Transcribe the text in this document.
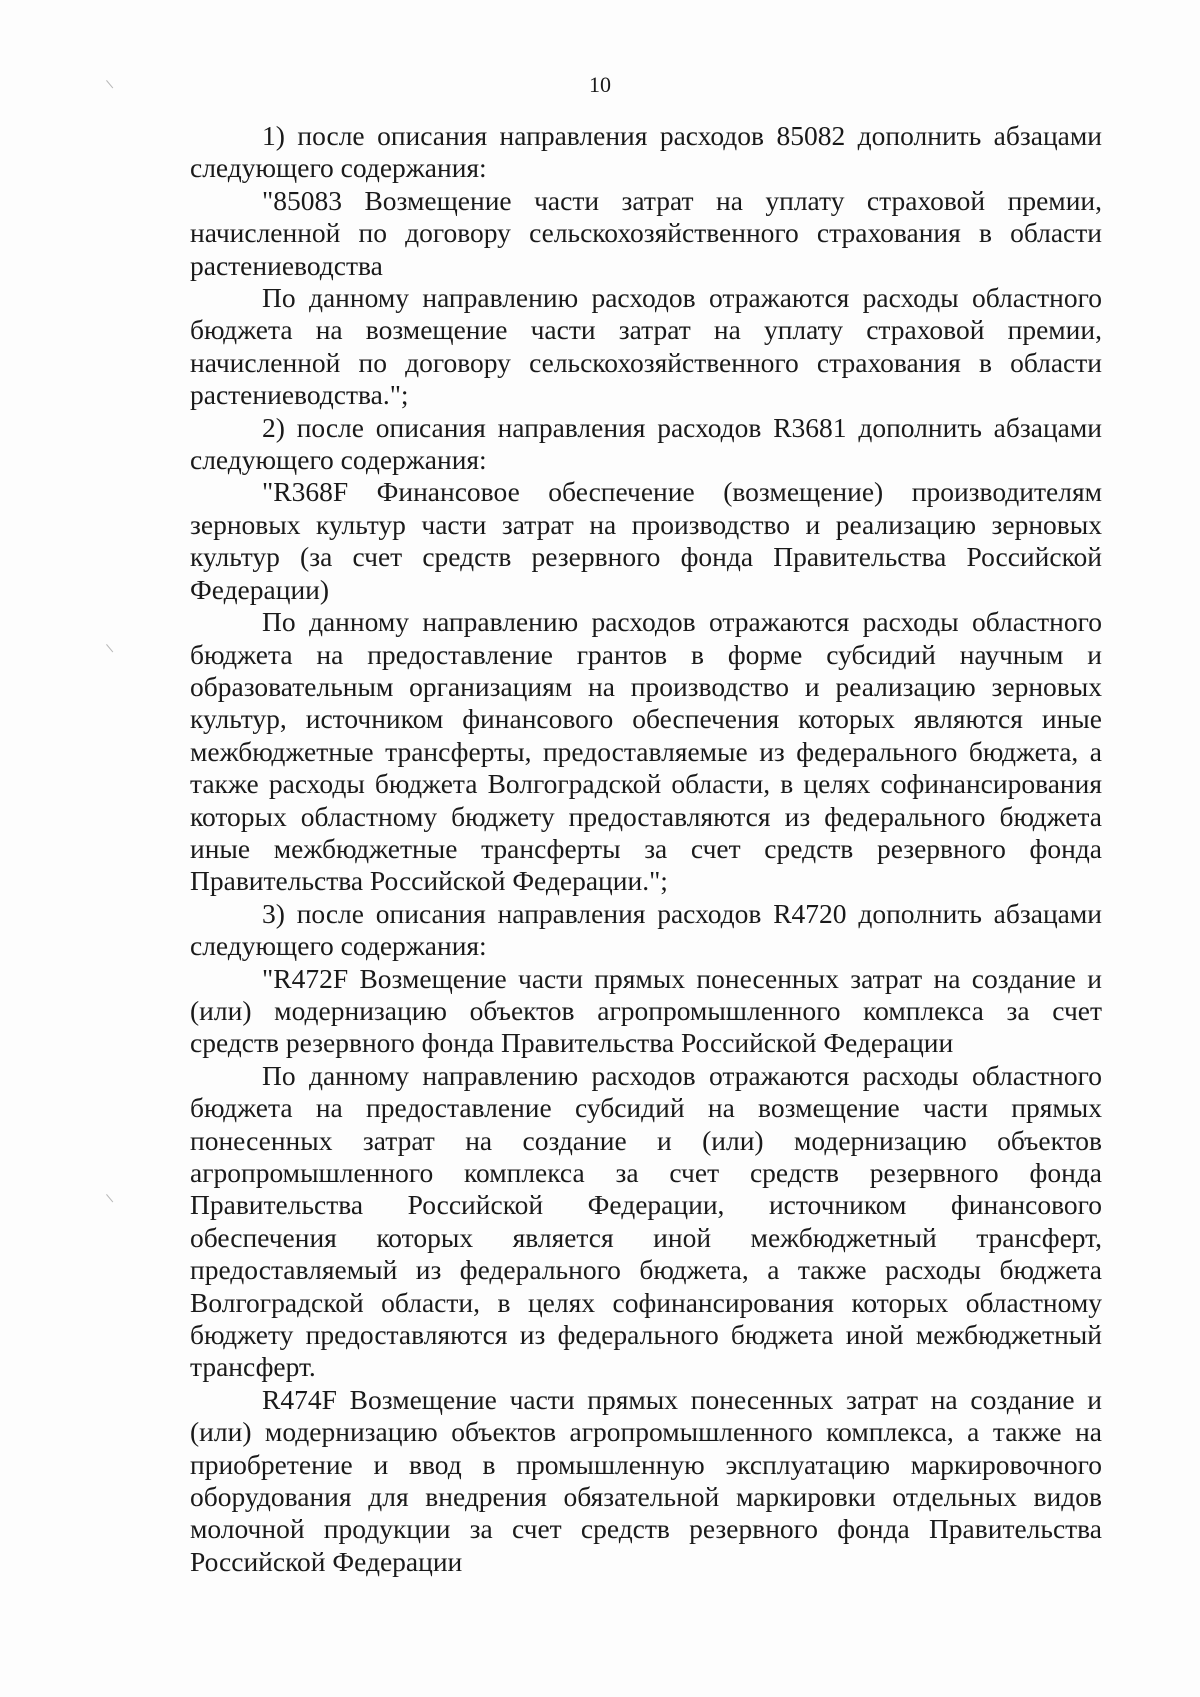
10

1) после описания направления расходов 85082 дополнить абзацами следующего содержания:

"85083 Возмещение части затрат на уплату страховой премии, начисленной по договору сельскохозяйственного страхования в области растениеводства

По данному направлению расходов отражаются расходы областного бюджета на возмещение части затрат на уплату страховой премии, начисленной по договору сельскохозяйственного страхования в области растениеводства.";

2) после описания направления расходов R3681 дополнить абзацами следующего содержания:

"R368F Финансовое обеспечение (возмещение) производителям зерновых культур части затрат на производство и реализацию зерновых культур (за счет средств резервного фонда Правительства Российской Федерации)

По данному направлению расходов отражаются расходы областного бюджета на предоставление грантов в форме субсидий научным и образовательным организациям на производство и реализацию зерновых культур, источником финансового обеспечения которых являются иные межбюджетные трансферты, предоставляемые из федерального бюджета, а также расходы бюджета Волгоградской области, в целях софинансирования которых областному бюджету предоставляются из федерального бюджета иные межбюджетные трансферты за счет средств резервного фонда Правительства Российской Федерации.";

3) после описания направления расходов R4720 дополнить абзацами следующего содержания:

"R472F Возмещение части прямых понесенных затрат на создание и (или) модернизацию объектов агропромышленного комплекса за счет средств резервного фонда Правительства Российской Федерации

По данному направлению расходов отражаются расходы областного бюджета на предоставление субсидий на возмещение части прямых понесенных затрат на создание и (или) модернизацию объектов агропромышленного комплекса за счет средств резервного фонда Правительства Российской Федерации, источником финансового обеспечения которых является иной межбюджетный трансферт, предоставляемый из федерального бюджета, а также расходы бюджета Волгоградской области, в целях софинансирования которых областному бюджету предоставляются из федерального бюджета иной межбюджетный трансферт.

R474F Возмещение части прямых понесенных затрат на создание и (или) модернизацию объектов агропромышленного комплекса, а также на приобретение и ввод в промышленную эксплуатацию маркировочного оборудования для внедрения обязательной маркировки отдельных видов молочной продукции за счет средств резервного фонда Правительства Российской Федерации
